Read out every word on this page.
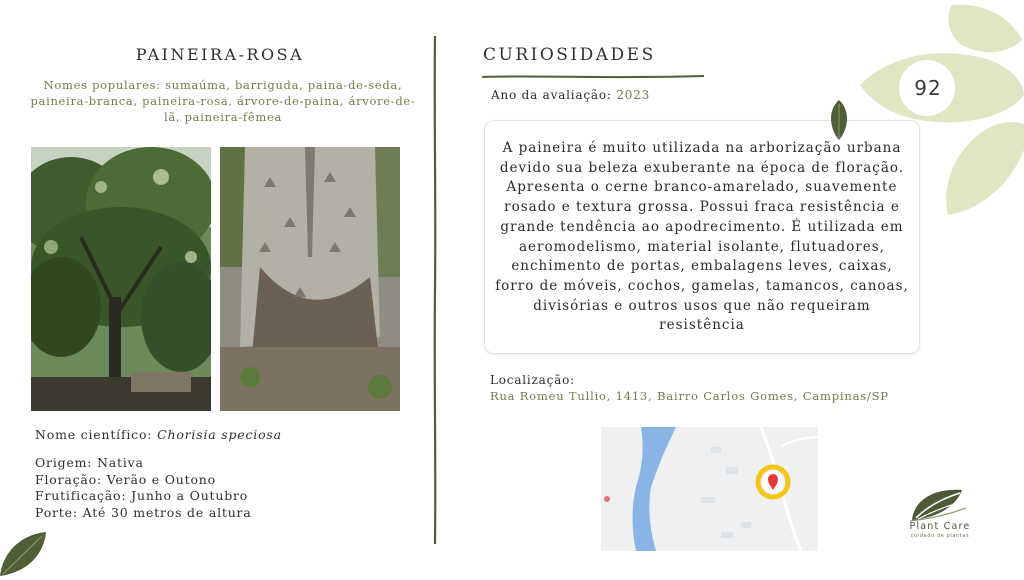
PAINEIRA-ROSA
Nomes populares: sumaúma, barriguda, paina-de-seda, paineira-branca, paineira-rosa, árvore-de-paina, árvore-de-lã, paineira-fêmea
Nome científico: Chorisia speciosa
Origem: Nativa
Floração: Verão e Outono
Frutificação: Junho a Outubro
Porte: Até 30 metros de altura
CURIOSIDADES
Ano da avaliação: 2023
A paineira é muito utilizada na arborização urbana devido sua beleza exuberante na época de floração. Apresenta o cerne branco-amarelado, suavemente rosado e textura grossa. Possui fraca resistência e grande tendência ao apodrecimento. É utilizada em aeromodelismo, material isolante, flutuadores, enchimento de portas, embalagens leves, caixas, forro de móveis, cochos, gamelas, tamancos, canoas, divisórias e outros usos que não requeiram resistência
Localização:
Rua Romeu Tullio, 1413, Bairro Carlos Gomes, Campinas/SP
92
Plant Care
cuidado de plantas
